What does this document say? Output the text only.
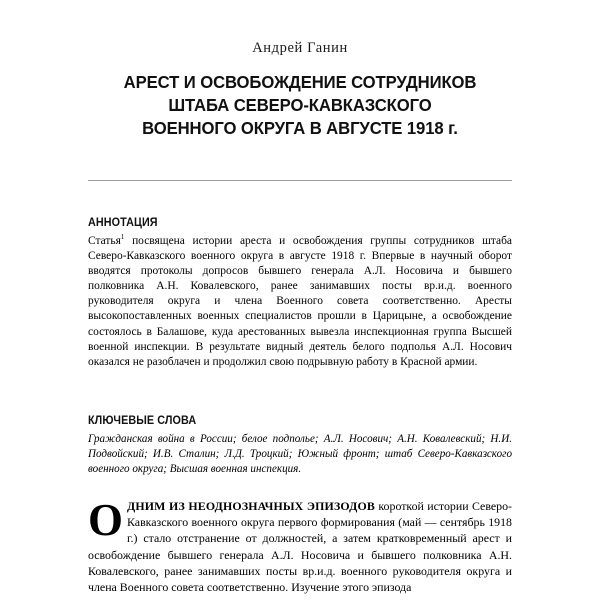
Андрей Ганин
АРЕСТ И ОСВОБОЖДЕНИЕ СОТРУДНИКОВ
ШТАБА СЕВЕРО-КАВКАЗСКОГО
ВОЕННОГО ОКРУГА В АВГУСТЕ 1918 г.
АННОТАЦИЯ

Статья$^1$ посвящена истории ареста и освобождения группы сотрудников штаба Северо-Кавказского военного округа в августе 1918 г. Впервые в научный оборот вводятся протоколы допросов бывшего генерала А.Л. Носовича и бывшего полковника А.Н. Ковалевского, ранее занимавших посты вр.и.д. военного руководителя округа и члена Военного совета соответственно. Аресты высокопоставленных военных специалистов прошли в Царицыне, а освобождение состоялось в Балашове, куда арестованных вывезла инспекционная группа Высшей военной инспекции. В результате видный деятель белого подполья А.Л. Носович оказался не разоблачен и продолжил свою подрывную работу в Красной армии.

КЛЮЧЕВЫЕ СЛОВА

Гражданская война в России; белое подполье; А.Л. Носович; А.Н. Ковалевский; Н.И. Подвойский; И.В. Сталин; Л.Д. Троцкий; Южный фронт; штаб Северо-Кавказского военного округа; Высшая военная инспекция.

ОДНИМ ИЗ НЕОДНОЗНАЧНЫХ ЭПИЗОДОВ короткой истории Северо-Кавказского военного округа первого формирования (май — сентябрь 1918 г.) стало отстранение от должностей, а затем кратковременный арест и освобождение бывшего генерала А.Л. Носовича и бывшего полковника А.Н. Ковалевского, ранее занимавших посты вр.и.д. военного руководителя округа и члена Военного совета соответственно. Изучение этого эпизода
